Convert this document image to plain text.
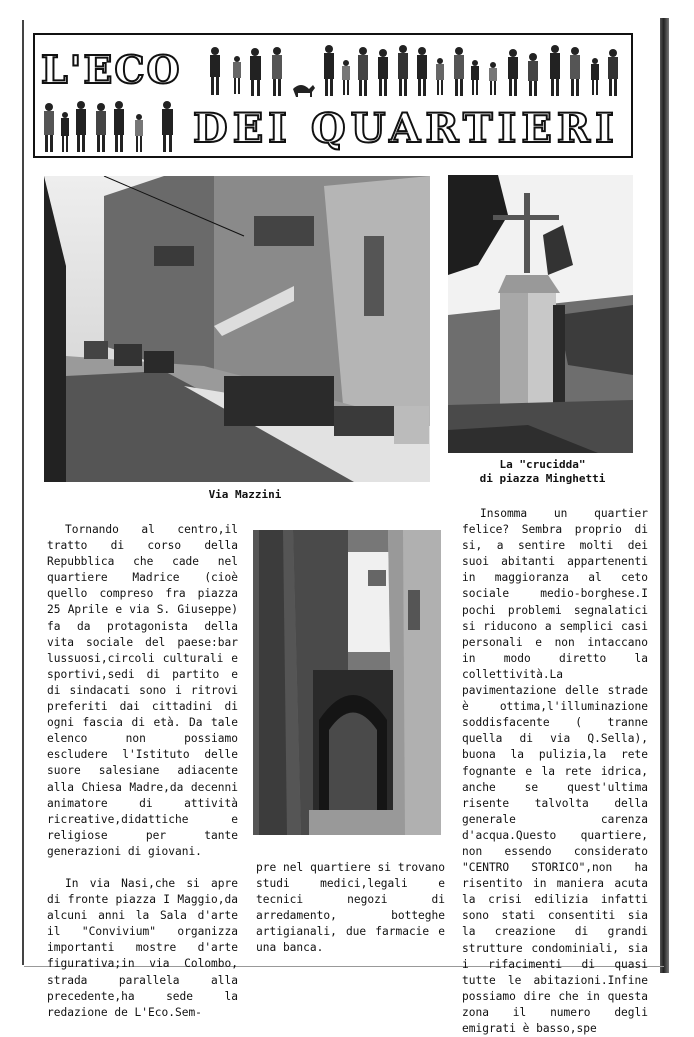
L'ECO
DEI QUARTIERI
Via Mazzini
La "crucidda"
di piazza Minghetti

Tornando al centro,il tratto di corso della Repubblica che cade nel quartiere Madrice (cioè quello compreso fra piazza 25 Aprile e via S. Giuseppe) fa da protagonista della vita sociale del paese:bar lussuosi,circoli culturali e sportivi,sedi di partito e di sindacati sono i ritrovi preferiti dai cittadini di ogni fascia di età. Da tale elenco non possiamo escludere l'Istituto delle suore salesiane adiacente alla Chiesa Madre,da decenni animatore di attività ricreative,didattiche e religiose per tante generazioni di giovani.

In via Nasi,che si apre di fronte piazza I Maggio,da alcuni anni la Sala d'arte il "Convivium" organizza importanti mostre d'arte figurativa;in via Colombo, strada parallela alla precedente,ha sede la redazione de L'Eco.Sem-

pre nel quartiere si trovano studi medici,legali e tecnici negozi di arredamento, botteghe artigianali, due farmacie e una banca.

Insomma un quartier felice? Sembra proprio di si, a sentire molti dei suoi abitanti appartenenti in maggioranza al ceto sociale medio-borghese.I pochi problemi segnalatici si riducono a semplici casi personali e non intaccano in modo diretto la collettività.La pavimentazione delle strade è ottima,l'illuminazione soddisfacente ( tranne quella di via Q.Sella), buona la pulizia,la rete fognante e la rete idrica, anche se quest'ultima risente talvolta della generale carenza d'acqua.Questo quartiere, non essendo considerato "CENTRO STORICO",non ha risentito in maniera acuta la crisi edilizia infatti sono stati consentiti sia la creazione di grandi strutture condominiali, sia i rifacimenti di quasi tutte le abitazioni.Infine possiamo dire che in questa zona il numero degli emigrati è basso,spe
